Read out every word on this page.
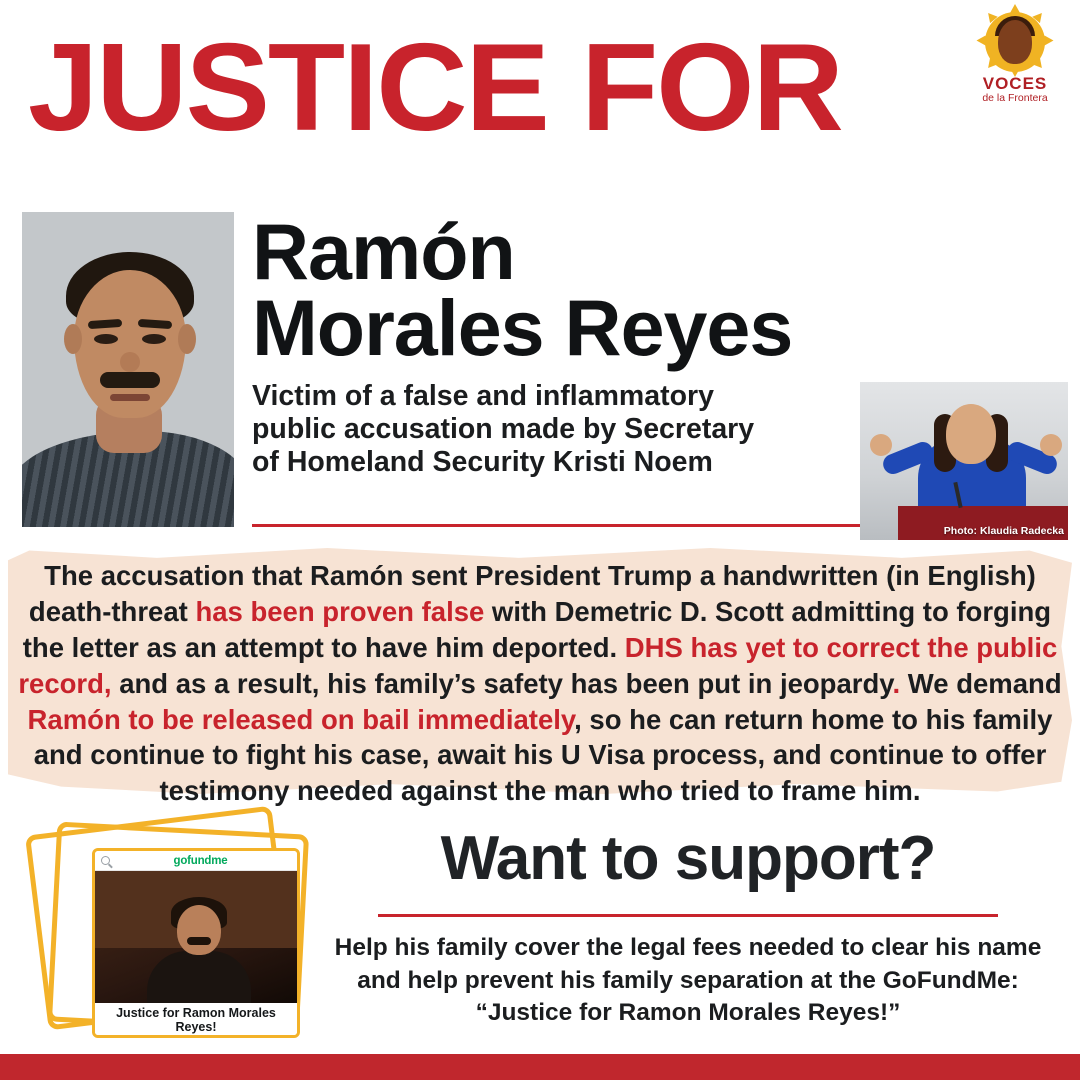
VOCES
de la Frontera
JUSTICE FOR
Ramón
Morales Reyes
Victim of a false and inflammatory
public accusation made by Secretary
of Homeland Security Kristi Noem
Photo: Klaudia Radecka
The accusation that Ramón sent President Trump a handwritten (in English) death-threat has been proven false with Demetric D. Scott admitting to forging the letter as an attempt to have him deported. DHS has yet to correct the public record, and as a result, his family’s safety has been put in jeopardy. We demand Ramón to be released on bail immediately, so he can return home to his family and continue to fight his case, await his U Visa process, and continue to offer testimony needed against the man who tried to frame him.
gofundme
Justice for Ramon Morales Reyes!
Want to support?
Help his family cover the legal fees needed to clear his name
and help prevent his family separation at the GoFundMe:
“Justice for Ramon Morales Reyes!”
